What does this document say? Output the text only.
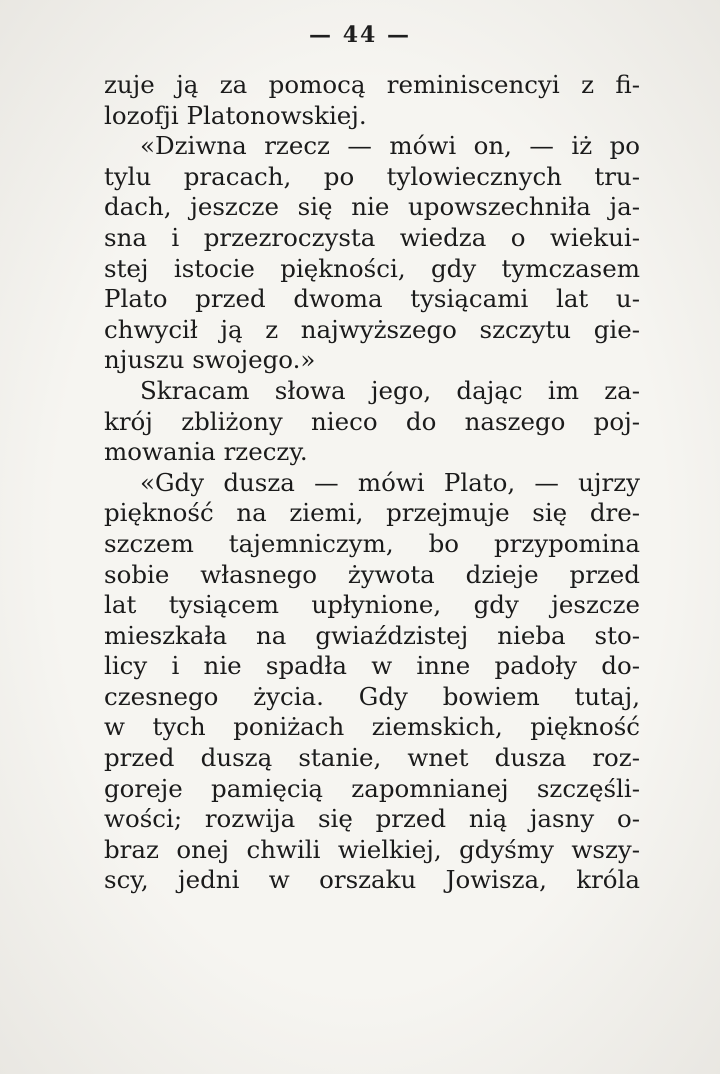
— 44 —
zuje ją za pomocą reminiscencyi z fi-
lozofji Platonowskiej.
«Dziwna rzecz — mówi on, — iż po
tylu pracach, po tylowiecznych tru-
dach, jeszcze się nie upowszechniła ja-
sna i przezroczysta wiedza o wiekui-
stej istocie piękności, gdy tymczasem
Plato przed dwoma tysiącami lat u-
chwycił ją z najwyższego szczytu gie-
njuszu swojego.»
Skracam słowa jego, dając im za-
krój zbliżony nieco do naszego poj-
mowania rzeczy.
«Gdy dusza — mówi Plato, — ujrzy
piękność na ziemi, przejmuje się dre-
szczem tajemniczym, bo przypomina
sobie własnego żywota dzieje przed
lat tysiącem upłynione, gdy jeszcze
mieszkała na gwiaździstej nieba sto-
licy i nie spadła w inne padoły do-
czesnego życia. Gdy bowiem tutaj,
w tych poniżach ziemskich, piękność
przed duszą stanie, wnet dusza roz-
goreje pamięcią zapomnianej szczęśli-
wości; rozwija się przed nią jasny o-
braz onej chwili wielkiej, gdyśmy wszy-
scy, jedni w orszaku Jowisza, króla
